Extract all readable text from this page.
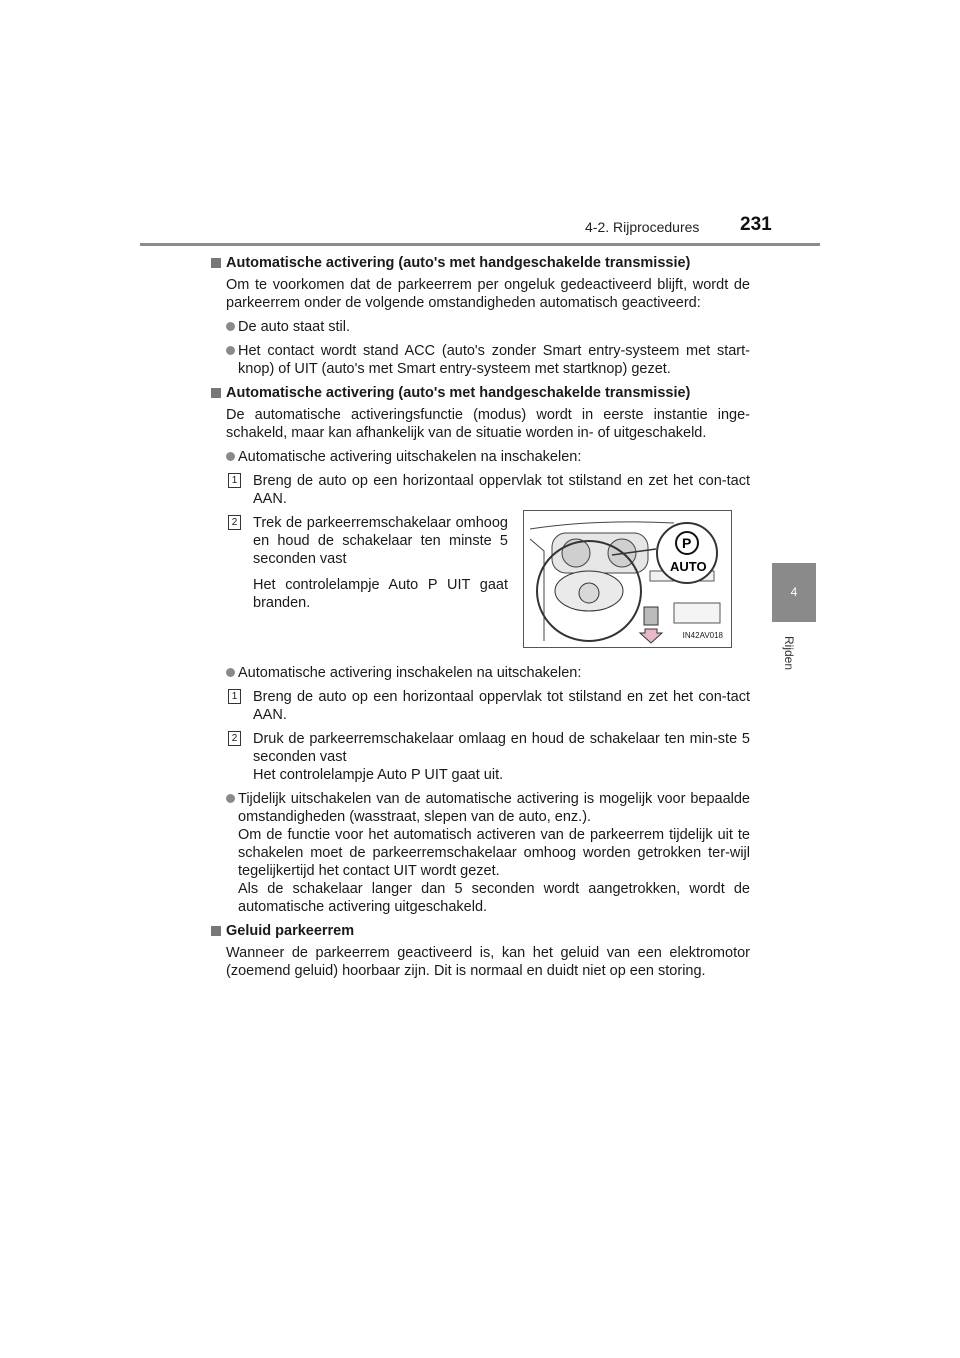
4-2. Rijprocedures 231
4
Rijden
Automatische activering (auto's met handgeschakelde transmissie)

Om te voorkomen dat de parkeerrem per ongeluk gedeactiveerd blijft, wordt de parkeerrem onder de volgende omstandigheden automatisch geactiveerd:

De auto staat stil.
Het contact wordt stand ACC (auto's zonder Smart entry-systeem met start-knop) of UIT (auto's met Smart entry-systeem met startknop) gezet.
Automatische activering (auto's met handgeschakelde transmissie)

De automatische activeringsfunctie (modus) wordt in eerste instantie inge-schakeld, maar kan afhankelijk van de situatie worden in- of uitgeschakeld.

Automatische activering uitschakelen na inschakelen:
1 Breng de auto op een horizontaal oppervlak tot stilstand en zet het con-tact AAN.
2 Trek de parkeerremschakelaar omhoog en houd de schakelaar ten minste 5 seconden vast

Het controlelampje Auto P UIT gaat branden.

Automatische activering inschakelen na uitschakelen:
1 Breng de auto op een horizontaal oppervlak tot stilstand en zet het con-tact AAN.
2 Druk de parkeerremschakelaar omlaag en houd de schakelaar ten min-ste 5 seconden vast
Het controlelampje Auto P UIT gaat uit.
Tijdelijk uitschakelen van de automatische activering is mogelijk voor bepaalde omstandigheden (wasstraat, slepen van de auto, enz.).
Om de functie voor het automatisch activeren van de parkeerrem tijdelijk uit te schakelen moet de parkeerremschakelaar omhoog worden getrokken ter-wijl tegelijkertijd het contact UIT wordt gezet.
Als de schakelaar langer dan 5 seconden wordt aangetrokken, wordt de automatische activering uitgeschakeld.
Geluid parkeerrem

Wanneer de parkeerrem geactiveerd is, kan het geluid van een elektromotor (zoemend geluid) hoorbaar zijn. Dit is normaal en duidt niet op een storing.

P
AUTO
IN42AV018
